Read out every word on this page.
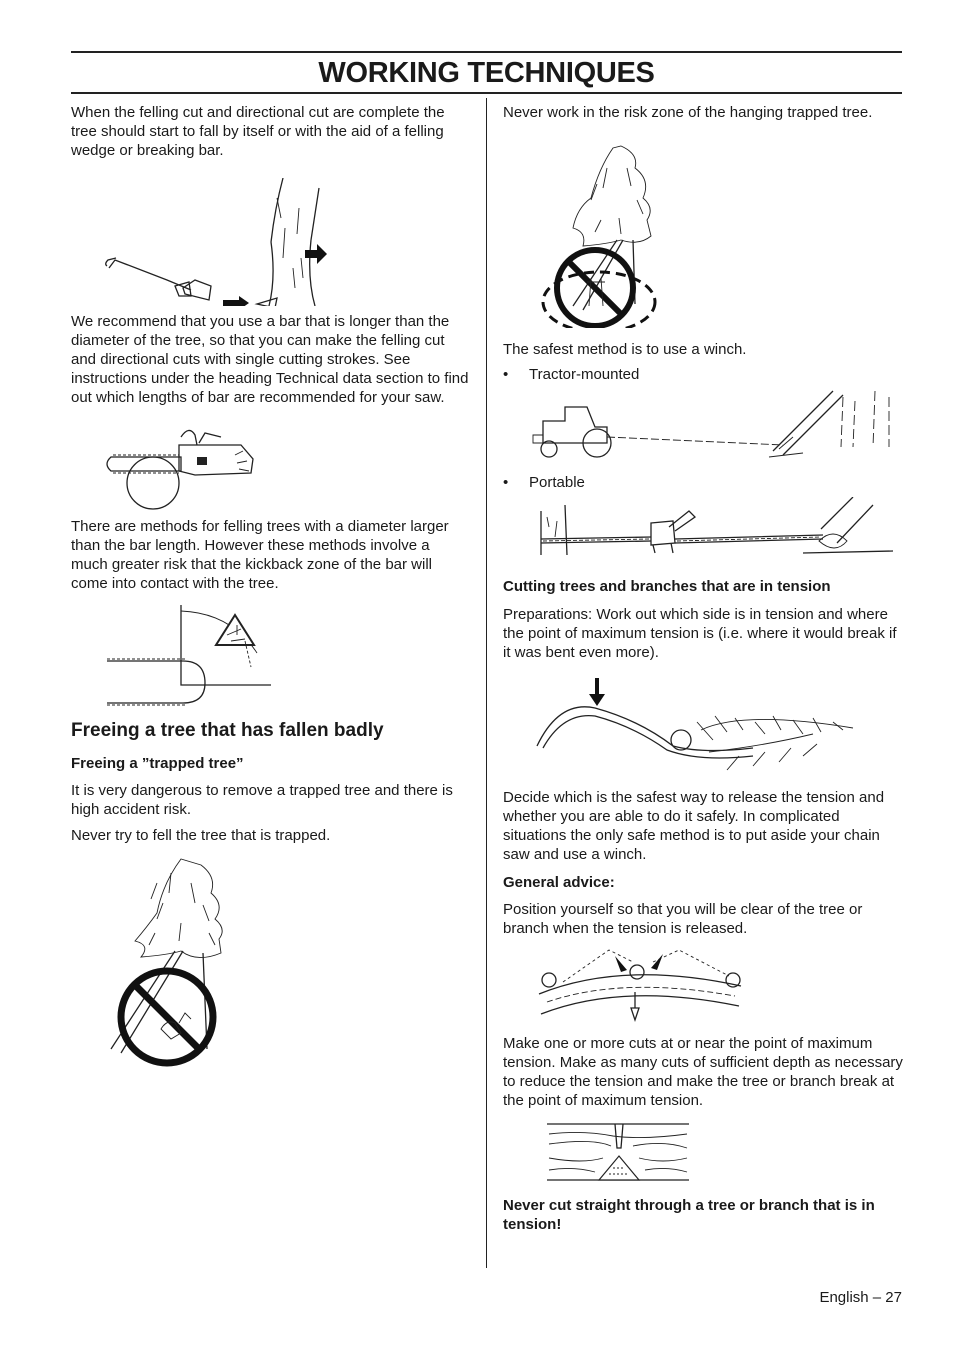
WORKING TECHNIQUES

When the felling cut and directional cut are complete the tree should start to fall by itself or with the aid of a felling wedge or breaking bar.

We recommend that you use a bar that is longer than the diameter of the tree, so that you can make the felling cut and directional cuts with single cutting strokes. See instructions under the heading Technical data section to find out which lengths of bar are recommended for your saw.

There are methods for felling trees with a diameter larger than the bar length. However these methods involve a much greater risk that the kickback zone of the bar will come into contact with the tree.

Freeing a tree that has fallen badly

Freeing a ”trapped tree”

It is very dangerous to remove a trapped tree and there is high accident risk.

Never try to fell the tree that is trapped.

Never work in the risk zone of the hanging trapped tree.

The safest method is to use a winch.

•	Tractor-mounted
•	Portable

Cutting trees and branches that are in tension

Preparations: Work out which side is in tension and where the point of maximum tension is (i.e. where it would break if it was bent even more).

Decide which is the safest way to release the tension and whether you are able to do it safely. In complicated situations the only safe method is to put aside your chain saw and use a winch.

General advice:

Position yourself so that you will be clear of the tree or branch when the tension is released.

Make one or more cuts at or near the point of maximum tension. Make as many cuts of sufficient depth as necessary to reduce the tension and make the tree or branch break at the point of maximum tension.

Never cut straight through a tree or branch that is in tension!

English – 27
